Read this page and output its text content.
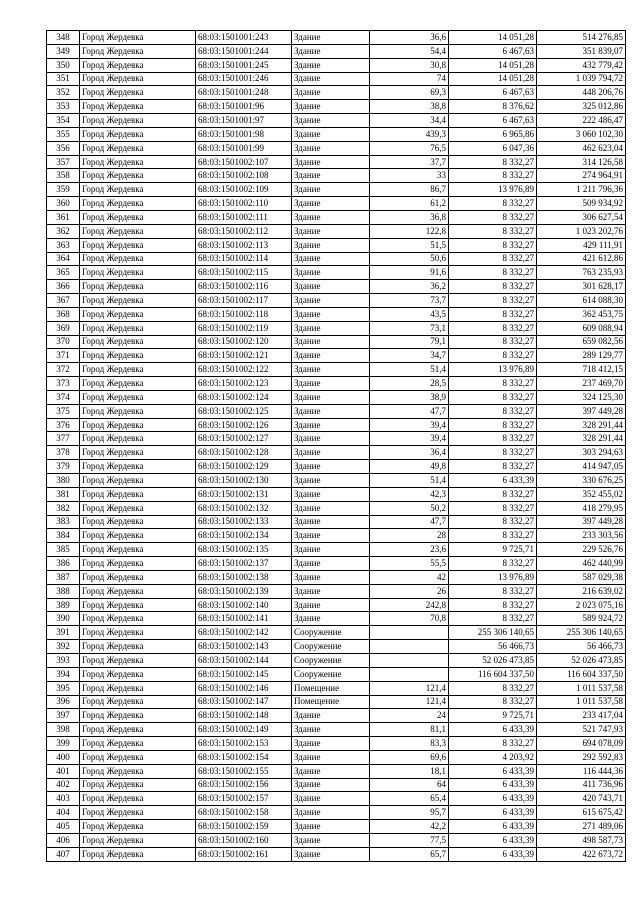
348	Город Жердевка	68:03:1501001:243	Здание	36,6	14 051,28	514 276,85
349	Город Жердевка	68:03:1501001:244	Здание	54,4	6 467,63	351 839,07
350	Город Жердевка	68:03:1501001:245	Здание	30,8	14 051,28	432 779,42
351	Город Жердевка	68:03:1501001:246	Здание	74	14 051,28	1 039 794,72
352	Город Жердевка	68:03:1501001:248	Здание	69,3	6 467,63	448 206,76
353	Город Жердевка	68:03:1501001:96	Здание	38,8	8 376,62	325 012,86
354	Город Жердевка	68:03:1501001:97	Здание	34,4	6 467,63	222 486,47
355	Город Жердевка	68:03:1501001:98	Здание	439,3	6 965,86	3 060 102,30
356	Город Жердевка	68:03:1501001:99	Здание	76,5	6 047,36	462 623,04
357	Город Жердевка	68:03:1501002:107	Здание	37,7	8 332,27	314 126,58
358	Город Жердевка	68:03:1501002:108	Здание	33	8 332,27	274 964,91
359	Город Жердевка	68:03:1501002:109	Здание	86,7	13 976,89	1 211 796,36
360	Город Жердевка	68:03:1501002:110	Здание	61,2	8 332,27	509 934,92
361	Город Жердевка	68:03:1501002:111	Здание	36,8	8 332,27	306 627,54
362	Город Жердевка	68:03:1501002:112	Здание	122,8	8 332,27	1 023 202,76
363	Город Жердевка	68:03:1501002:113	Здание	51,5	8 332,27	429 111,91
364	Город Жердевка	68:03:1501002:114	Здание	50,6	8 332,27	421 612,86
365	Город Жердевка	68:03:1501002:115	Здание	91,6	8 332,27	763 235,93
366	Город Жердевка	68:03:1501002:116	Здание	36,2	8 332,27	301 628,17
367	Город Жердевка	68:03:1501002:117	Здание	73,7	8 332,27	614 088,30
368	Город Жердевка	68:03:1501002:118	Здание	43,5	8 332,27	362 453,75
369	Город Жердевка	68:03:1501002:119	Здание	73,1	8 332,27	609 088,94
370	Город Жердевка	68:03:1501002:120	Здание	79,1	8 332,27	659 082,56
371	Город Жердевка	68:03:1501002:121	Здание	34,7	8 332,27	289 129,77
372	Город Жердевка	68:03:1501002:122	Здание	51,4	13 976,89	718 412,15
373	Город Жердевка	68:03:1501002:123	Здание	28,5	8 332,27	237 469,70
374	Город Жердевка	68:03:1501002:124	Здание	38,9	8 332,27	324 125,30
375	Город Жердевка	68:03:1501002:125	Здание	47,7	8 332,27	397 449,28
376	Город Жердевка	68:03:1501002:126	Здание	39,4	8 332,27	328 291,44
377	Город Жердевка	68:03:1501002:127	Здание	39,4	8 332,27	328 291,44
378	Город Жердевка	68:03:1501002:128	Здание	36,4	8 332,27	303 294,63
379	Город Жердевка	68:03:1501002:129	Здание	49,8	8 332,27	414 947,05
380	Город Жердевка	68:03:1501002:130	Здание	51,4	6 433,39	330 676,25
381	Город Жердевка	68:03:1501002:131	Здание	42,3	8 332,27	352 455,02
382	Город Жердевка	68:03:1501002:132	Здание	50,2	8 332,27	418 279,95
383	Город Жердевка	68:03:1501002:133	Здание	47,7	8 332,27	397 449,28
384	Город Жердевка	68:03:1501002:134	Здание	28	8 332,27	233 303,56
385	Город Жердевка	68:03:1501002:135	Здание	23,6	9 725,71	229 526,76
386	Город Жердевка	68:03:1501002:137	Здание	55,5	8 332,27	462 440,99
387	Город Жердевка	68:03:1501002:138	Здание	42	13 976,89	587 029,38
388	Город Жердевка	68:03:1501002:139	Здание	26	8 332,27	216 639,02
389	Город Жердевка	68:03:1501002:140	Здание	242,8	8 332,27	2 023 075,16
390	Город Жердевка	68:03:1501002:141	Здание	70,8	8 332,27	589 924,72
391	Город Жердевка	68:03:1501002:142	Сооружение		255 306 140,65	255 306 140,65
392	Город Жердевка	68:03:1501002:143	Сооружение		56 466,73	56 466,73
393	Город Жердевка	68:03:1501002:144	Сооружение		52 026 473,85	52 026 473,85
394	Город Жердевка	68:03:1501002:145	Сооружение		116 604 337,50	116 604 337,50
395	Город Жердевка	68:03:1501002:146	Помещение	121,4	8 332,27	1 011 537,58
396	Город Жердевка	68:03:1501002:147	Помещение	121,4	8 332,27	1 011 537,58
397	Город Жердевка	68:03:1501002:148	Здание	24	9 725,71	233 417,04
398	Город Жердевка	68:03:1501002:149	Здание	81,1	6 433,39	521 747,93
399	Город Жердевка	68:03:1501002:153	Здание	83,3	8 332,27	694 078,09
400	Город Жердевка	68:03:1501002:154	Здание	69,6	4 203,92	292 592,83
401	Город Жердевка	68:03:1501002:155	Здание	18,1	6 433,39	116 444,36
402	Город Жердевка	68:03:1501002:156	Здание	64	6 433,39	411 736,96
403	Город Жердевка	68:03:1501002:157	Здание	65,4	6 433,39	420 743,71
404	Город Жердевка	68:03:1501002:158	Здание	95,7	6 433,39	615 675,42
405	Город Жердевка	68:03:1501002:159	Здание	42,2	6 433,39	271 489,06
406	Город Жердевка	68:03:1501002:160	Здание	77,5	6 433,39	498 587,73
407	Город Жердевка	68:03:1501002:161	Здание	65,7	6 433,39	422 673,72
